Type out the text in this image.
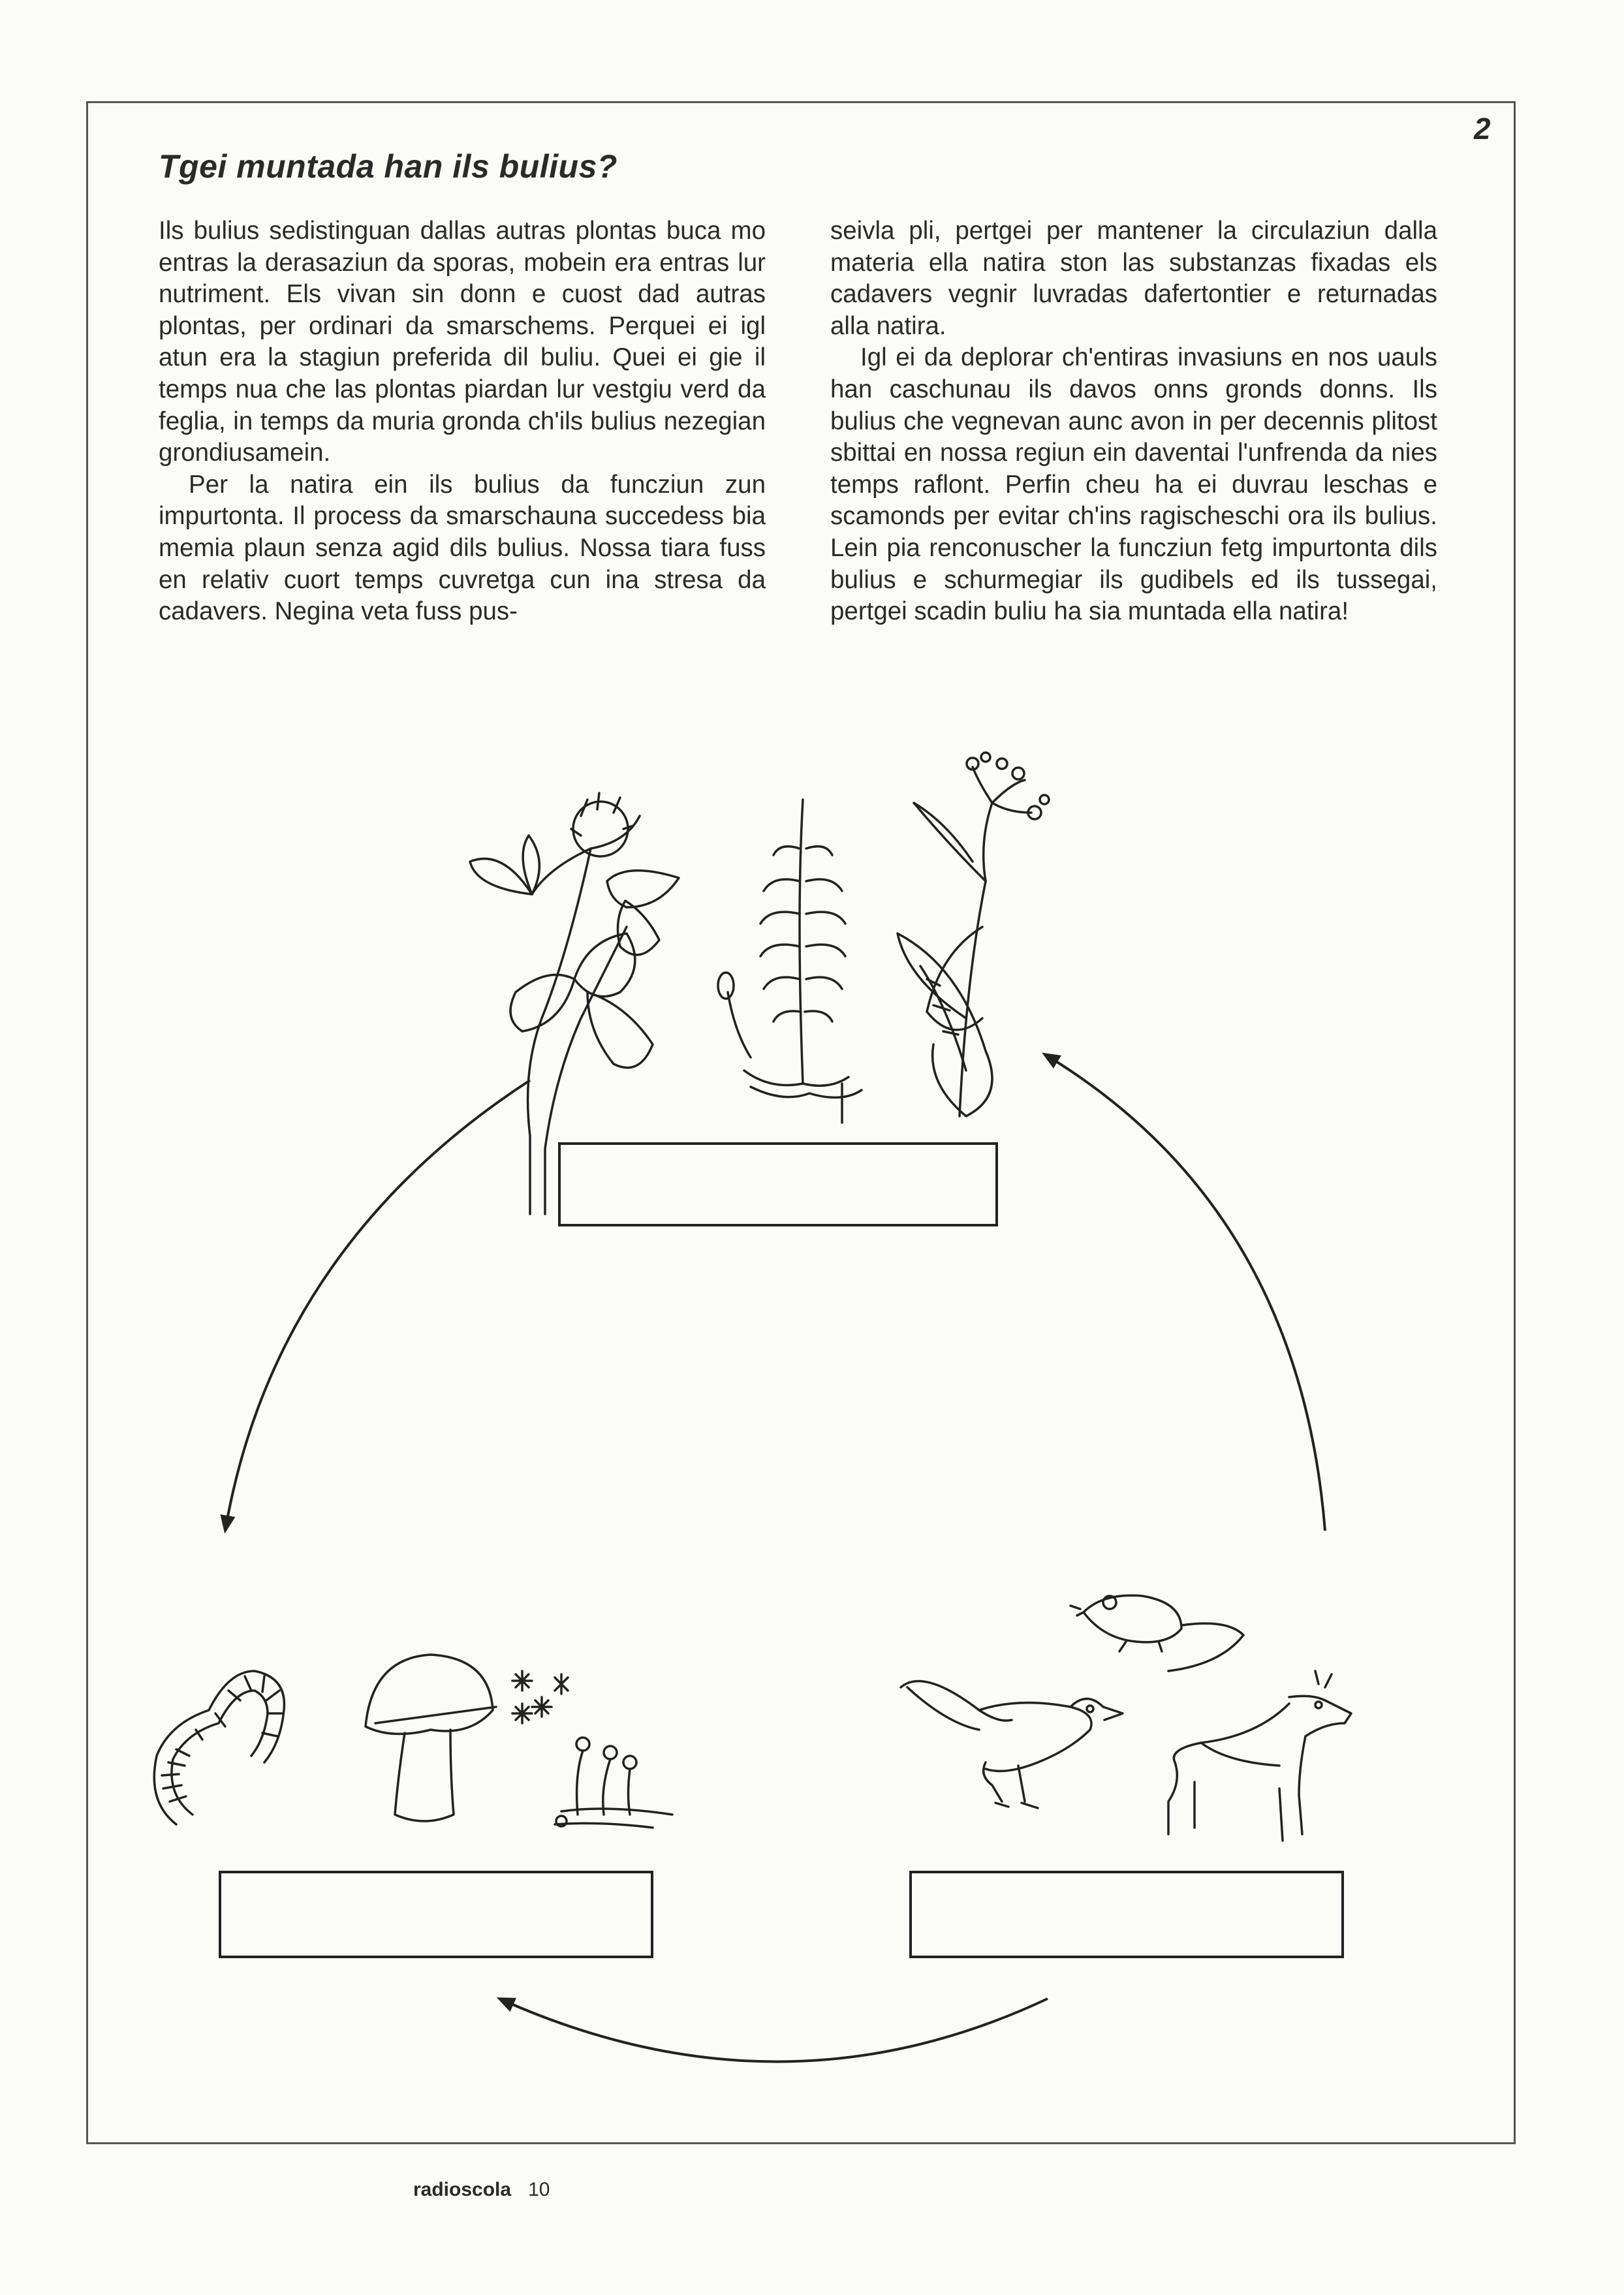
2
Tgei muntada han ils bulius?

Ils bulius sedistinguan dallas autras plontas buca mo entras la derasaziun da sporas, mobein era entras lur nutriment. Els vivan sin donn e cuost dad autras plontas, per ordinari da smarschems. Perquei ei igl atun era la stagiun preferida dil buliu. Quei ei gie il temps nua che las plontas piardan lur vestgiu verd da feglia, in temps da muria gronda ch'ils bulius nezegian grondiusamein.

Per la natira ein ils bulius da funcziun zun impurtonta. Il process da smarschauna succedess bia memia plaun senza agid dils bulius. Nossa tiara fuss en relativ cuort temps cuvretga cun ina stresa da cadavers. Negina veta fuss pus-

seivla pli, pertgei per mantener la circulaziun dalla materia ella natira ston las substanzas fixadas els cadavers vegnir luvradas dafertontier e returnadas alla natira.

Igl ei da deplorar ch'entiras invasiuns en nos uauls han caschunau ils davos onns gronds donns. Ils bulius che vegnevan aunc avon in per decennis plitost sbittai en nossa regiun ein daventai l'unfrenda da nies temps raflont. Perfin cheu ha ei duvrau leschas e scamonds per evitar ch'ins ragischeschi ora ils bulius. Lein pia renconuscher la funcziun fetg impurtonta dils bulius e schurmegiar ils gudibels ed ils tussegai, pertgei scadin buliu ha sia muntada ella natira!

radioscola 10
